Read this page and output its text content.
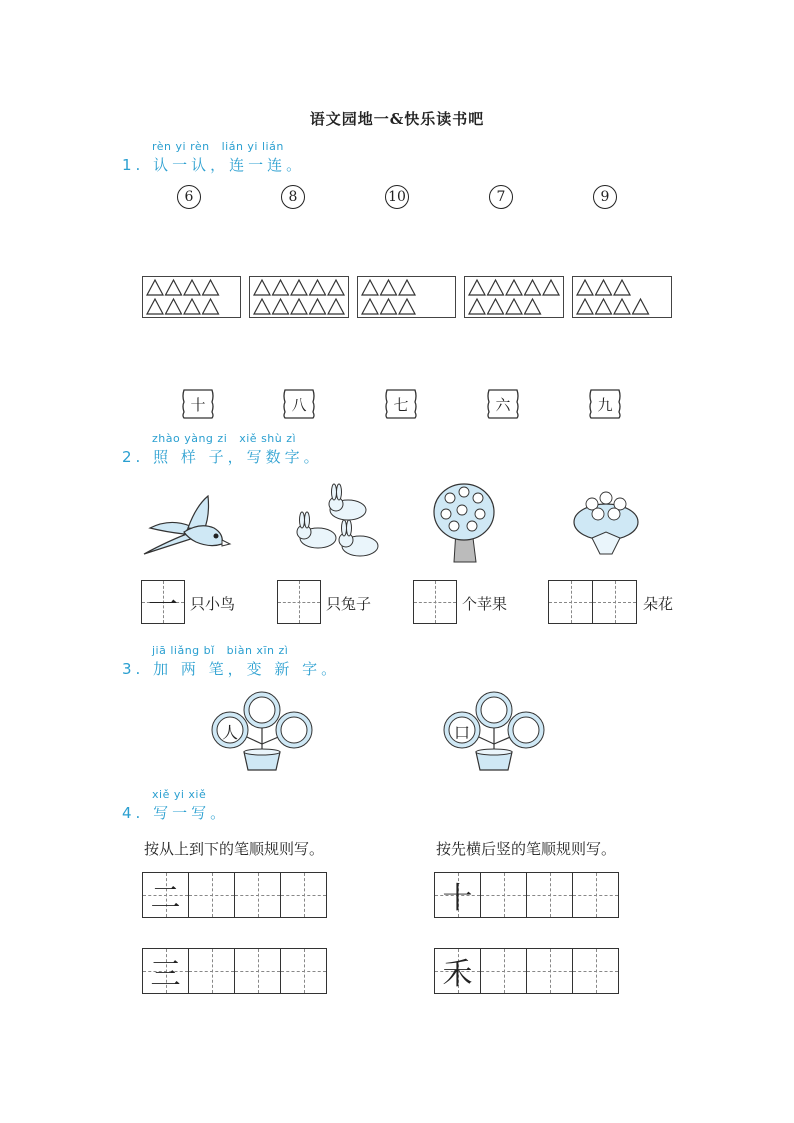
语文园地一&快乐读书吧
rèn yi rèn   lián yi lián
1. 认一认，连一连。
6	8	10	7	9
十	八	七	六	九
zhào yàng zi   xiě shù zì
2. 照 样 子，写数字。
一 只小鸟	只兔子	个苹果	朵花
jiā liǎng bǐ   biàn xīn zì
3. 加 两 笔，变 新 字。
人	口
xiě yi xiě
4. 写一写。
按从上到下的笔顺规则写。	按先横后竖的笔顺规则写。
二	十
三	禾
